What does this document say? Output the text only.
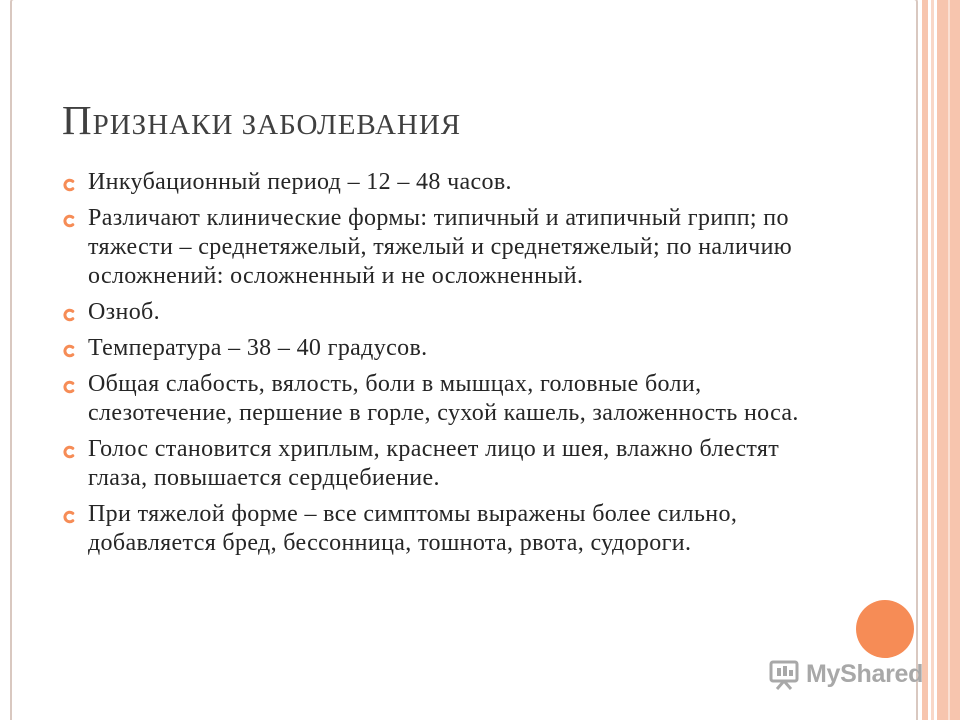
ПРИЗНАКИ ЗАБОЛЕВАНИЯ
Инкубационный период – 12 – 48 часов.
Различают клинические формы: типичный и атипичный грипп; по тяжести – среднетяжелый, тяжелый и среднетяжелый; по наличию осложнений: осложненный и не осложненный.
Озноб.
Температура – 38 – 40 градусов.
Общая слабость, вялость, боли в мышцах, головные боли, слезотечение, першение в горле, сухой кашель, заложенность носа.
Голос становится хриплым, краснеет лицо и шея, влажно блестят глаза, повышается сердцебиение.
При тяжелой форме – все симптомы выражены более сильно, добавляется бред, бессонница, тошнота, рвота, судороги.
MyShared
